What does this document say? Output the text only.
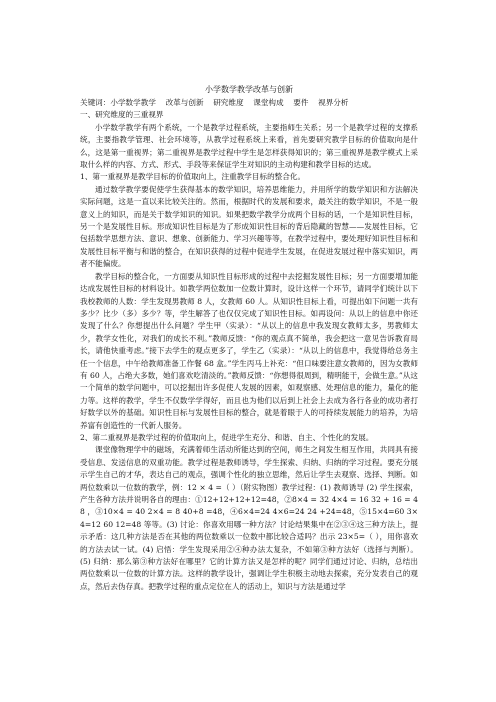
小学数学教学改革与创新
关键词：小学数学教学    改革与创新    研究维度    课堂构成    要件    视界分析
一、研究维度的三重视界
小学数学教学有两个系统，一个是教学过程系统，主要指师生关系；另一个是教学过程的支撑系统，主要指教学管理、社会环境等，从教学过程系统上来看，首先要研究教学目标的价值取向是什么，这是第一重视界；第二重视界是教学过程中学生是怎样获得知识的；第三重视界是教学模式上采取什么样的内容、方式、形式、手段等来保证学生对知识的主动构建和教学目标的达成。
1、第一重视界是教学目标的价值取向上，注重教学目标的整合化。
通过数学教学要促使学生获得基本的数学知识，培养思维能力，并用所学的数学知识和方法解决实际问题，这是一直以来比较关注的。然而，根据时代的发展和要求，最关注的数学知识，不是一般意义上的知识，而是关于数学知识的知识。如果把数学教学分成两个目标的话，一个是知识性目标，另一个是发展性目标。形成知识性目标是为了形成知识性目标的背后隐藏的智慧——发展性目标，它包括数学思想方法、意识、想象、创新能力、学习兴趣等等，在教学过程中，要处理好知识性目标和发展性目标平衡与和谐的整合，在知识获得的过程中促进学生发展，在促进发展过程中落实知识，两者不能偏废。
教学目标的整合化，一方面要从知识性目标形成的过程中去挖掘发展性目标；另一方面要增加能达成发展性目标的材料设计。如教学两位数加一位数计算时，设计这样一个环节，请同学们统计以下我校教师的人数：学生发现男教师 8 人，女教师 60 人。从知识性目标上看，可提出如下问题一共有多少？比少（多）多少？等，学生解答了也仅仅完成了知识性目标。如再设问：从以上的信息中你还发现了什么？你想提出什么问题？学生甲（实录）：“从以上的信息中我发现女教师太多，男教师太少，教学女性化，对我们的成长不利。”教师反馈：“你的观点真不简单，我会把这一意见告诉教育局长，请他快重考虑。”接下去学生的观点更多了，学生乙（实录）：“从以上的信息中，我觉得给总务主任一个信息，中午给教师准备工作餐 68 盒。”学生丙马上补充：“但口味要注意女教师的，因为女教师有 60 人，占绝大多数，她们喜欢吃清淡的。”教师反馈：“你想得很周到，精明能干，会做生意。”从这一个简单的数学问题中，可以挖掘出许多促使人发展的因素，如观察感、处理信息的能力，量化的能力等。这样的教学，学生不仅数学学得好，而且也为他们以后到上社会上去成为各行各业的成功者打好数学以外的基础。知识性目标与发展性目标的整合，就是着眼于人的可持续发展能力的培养，为培养富有创造性的一代新人服务。
2、第二重视界是教学过程的价值取向上，促进学生充分、和谐、自主、个性化的发展。
课堂像物理学中的磁场，充满着师生活动所能达到的空间，师生之间发生相互作用，共同具有接受信息、发送信息的双重功能。教学过程是教师诱导，学生探索、归纳、归纳的学习过程。要充分展示学生自己的才华，表达自己的观点，强调个性化的独立思维，然后让学生去观察、选择、判断。如两位数乘以一位数的教学，例：12 × 4 =（ ）（附实物图）教学过程：(1) 教师诱导 (2) 学生探索，产生各种方法并说明各自的理由：①12+12+12+12=48，②8×4 = 32 4×4 = 16 32 + 16 = 48 ，③10×4 = 40 2×4 = 8 40+8 =48，④6×4=24 4×6=24 24 +24=48，⑤15×4=60 3×4=12 60 12=48 等等。(3) 讨论：你喜欢用哪一种方法？讨论结果集中在②③④这三种方法上，提示矛盾：这几种方法是否在其他的两位数乘以一位数中都比较合适吗？出示 23×5=（ ），用你喜欢的方法去试一试。(4) 启悟：学生发现采用②④种办法太复杂，不如第③种方法好（选择与判断）。(5) 归纳：那么第③种方法好在哪里？它的计算方法又是怎样的呢？同学们通过讨论、归纳，总结出两位数乘以一位数的计算方法。这样的教学设计，强调让学生积极主动地去探索，充分发表自己的观点，然后去伪存真。把教学过程的重点定位在人的活动上，知识与方法是通过学
